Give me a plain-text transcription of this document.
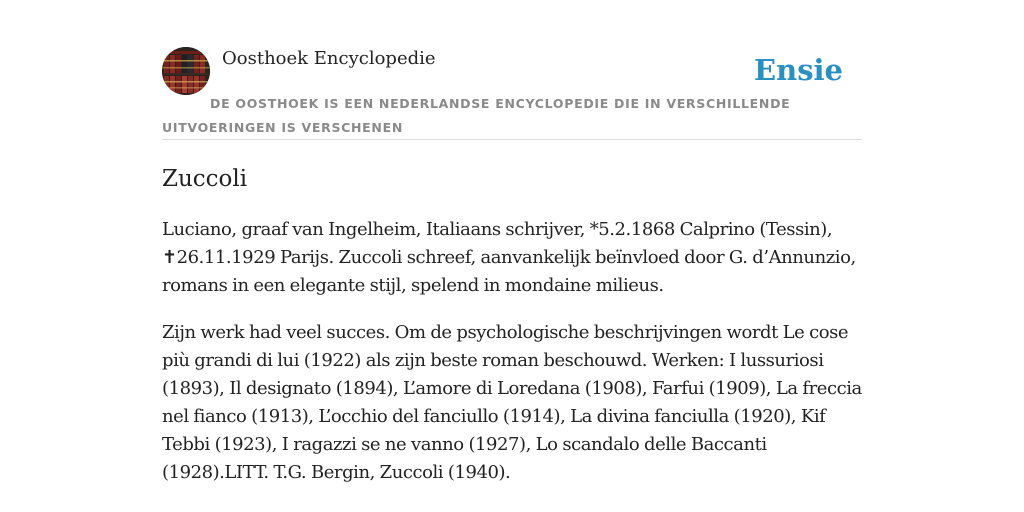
Oosthoek Encyclopedie	Ensie
DE OOSTHOEK IS EEN NEDERLANDSE ENCYCLOPEDIE DIE IN VERSCHILLENDE UITVOERINGEN IS VERSCHENEN
Zuccoli

Luciano, graaf van Ingelheim, Italiaans schrijver, *5.2.1868 Calprino (Tessin), ✝26.11.1929 Parijs. Zuccoli schreef, aanvankelijk beïnvloed door G. d’Annunzio, romans in een elegante stijl, spelend in mondaine milieus.

Zijn werk had veel succes. Om de psychologische beschrijvingen wordt Le cose più grandi di lui (1922) als zijn beste roman beschouwd. Werken: I lussuriosi (1893), Il designato (1894), L’amore di Loredana (1908), Farfui (1909), La freccia nel fianco (1913), L’occhio del fanciullo (1914), La divina fanciulla (1920), Kif Tebbi (1923), I ragazzi se ne vanno (1927), Lo scandalo delle Baccanti (1928).LITT. T.G. Bergin, Zuccoli (1940).
